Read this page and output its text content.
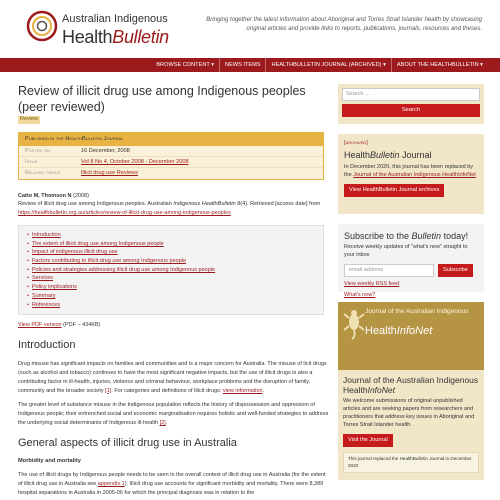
Australian Indigenous
HealthBulletin
Bringing together the latest information about Aboriginal and Torres Strait Islander health by showcasing original articles and provide links to reports, publications, journals, resources and theses.
BROWSE CONTENT ▾	NEWS ITEMS	HEALTHBULLETIN JOURNAL (ARCHIVED) ▾	ABOUT THE HEALTHBULLETIN ▾
Review of illicit drug use among Indigenous peoples (peer reviewed)
Review
Published in the HealthBulletin Journal
Posted on	16 December, 2008
Issue	Vol 8 No 4, October 2008 - December 2008
Related topics	Illicit drug use Reviews
Catto M, Thomson N (2008)
Review of illicit drug use among Indigenous peoples. Australian Indigenous HealthBulletin 8(4). Retrieved [access date] from https://healthbulletin.org.au/articles/review-of-illicit-drug-use-among-indigenous-peoples
• Introduction
• The extent of illicit drug use among Indigenous people
• Impact of indigenous illicit drug use
• Factors contributing to illicit drug use among Indigenous people
• Policies and strategies addressing illicit drug use among Indigenous people
• Services
• Policy implications
• Summary
• References
View PDF version (PDF – 434KB)
Introduction

Drug misuse has significant impacts on families and communities and is a major concern for Australia. The misuse of licit drugs (such as alcohol and tobacco) continues to have the most significant negative impacts, but the use of illicit drugs is also a contributing factor in ill-health, injuries, violence and criminal behaviour, workplace problems and the disruption of family, community and the broader society [1]. For categories and definitions of illicit drugs: view information.

The greater level of substance misuse in the Indigenous population reflects the history of dispossession and oppression of Indigenous people; their entrenched social and economic marginalisation requires holistic and well-funded strategies to address the underlying social determinants of Indigenous ill-health [2].

General aspects of illicit drug use in Australia
Morbidity and mortality

The use of illicit drugs by Indigenous people needs to be seen in the overall context of illicit drug use in Australia (for the extent of illicit drug use in Australia see appendix 1). Illicit drug use accounts for significant morbidity and mortality. There were 8,389 hospital separations in Australia in 2005-06 for which the principal diagnosis was in relation to the

Search ...
Search
[archived]
HealthBulletin Journal
In December 2020, this journal has been replaced by the Journal of the Australian Indigenous HealthInfoNet
View HealthBulletin Journal archives
Subscribe to the Bulletin today!
Receive weekly updates of "what's new" straight to your inbox
email address	Subscribe
View weekly RSS feed
What's new?
Journal of the Australian Indigenous
HealthInfoNet
Journal of the Australian Indigenous HealthInfoNet
We welcome submissions of original unpublished articles and are seeking papers from researchers and practitioners that address key issues in Aboriginal and Torres Strait Islander health.
Visit the Journal
This journal replaced the HealthBulletin Journal in December 2020
